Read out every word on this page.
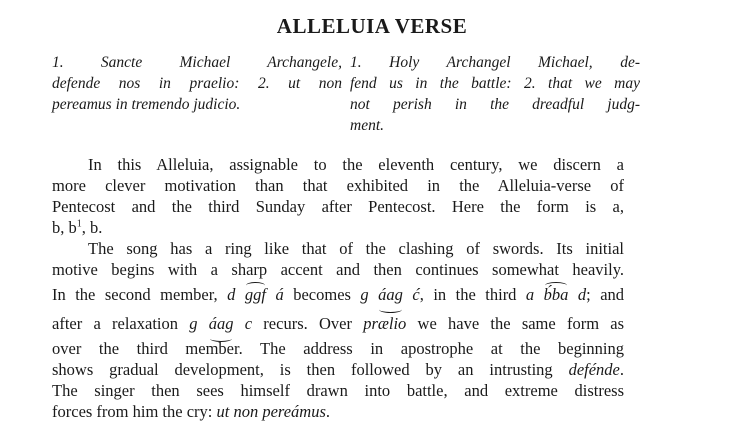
ALLELUIA VERSE
1. Sancte Michael Archangele,
defende nos in praelio: 2. ut non
pereamus in tremendo judicio.
1. Holy Archangel Michael, de-
fend us in the battle: 2. that we may
not perish in the dreadful judg-
ment.
In this Alleluia, assignable to the eleventh century, we discern a
more clever motivation than that exhibited in the Alleluia-verse of
Pentecost and the third Sunday after Pentecost. Here the form is a,
b, $b^1$, b.
The song has a ring like that of the clashing of swords. Its initial
motive begins with a sharp accent and then continues somewhat heavily.
In the second member, d ggf á becomes g áag ć, in the third a b́ba d; and
after a relaxation g áag c recurs. Over prælio we have the same form as
over the third member. The address in apostrophe at the beginning
shows gradual development, is then followed by an intrusting defénde.
The singer then sees himself drawn into battle, and extreme distress
forces from him the cry: ut non pereámus.
